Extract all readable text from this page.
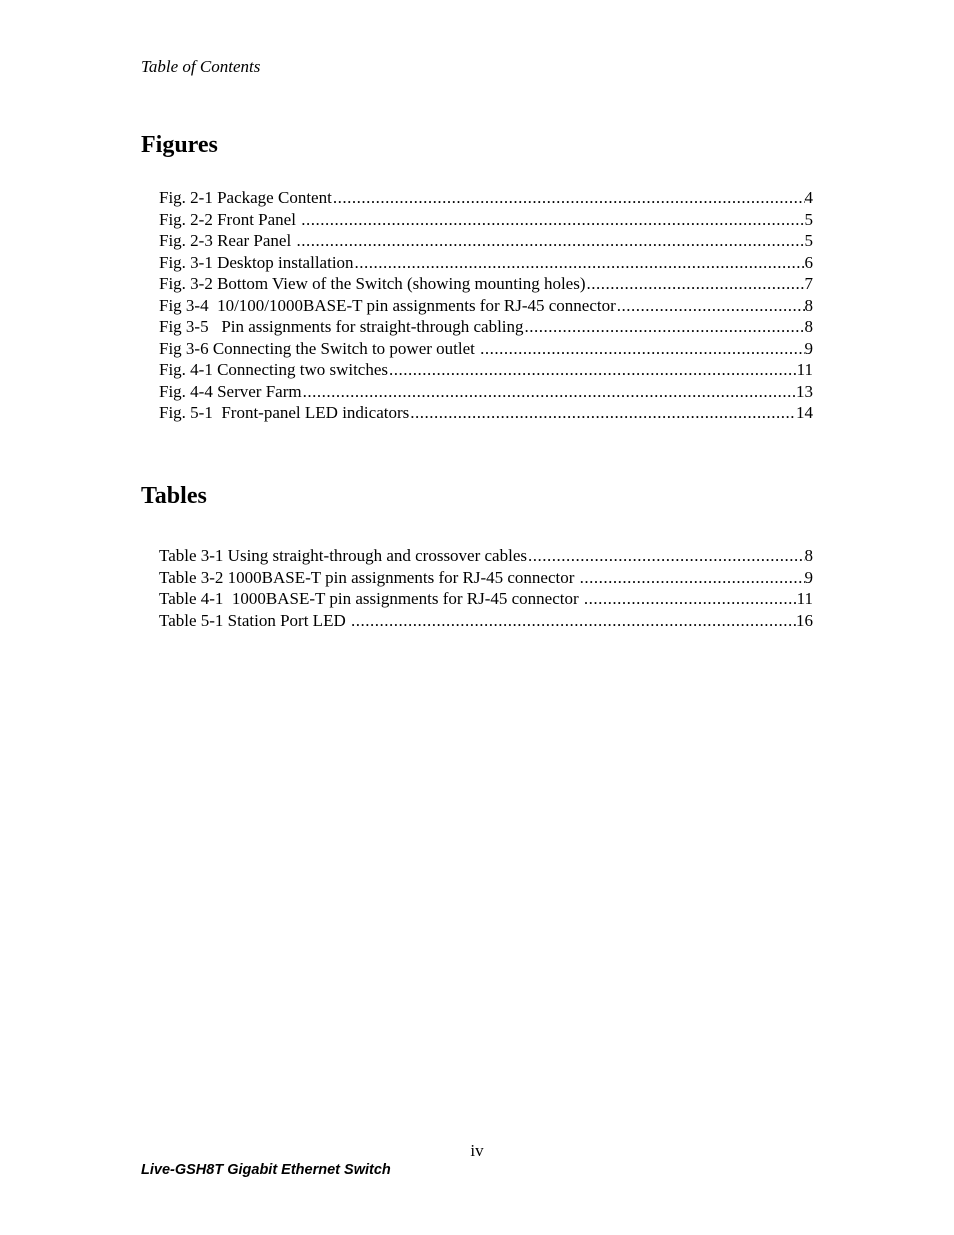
Table of Contents
Figures
Fig. 2-1 Package Content .....	4
Fig. 2-2 Front Panel .....	5
Fig. 2-3 Rear Panel .....	5
Fig. 3-1 Desktop installation .....	6
Fig. 3-2 Bottom View of the Switch (showing mounting holes) .....	7
Fig 3-4  10/100/1000BASE-T pin assignments for RJ-45 connector .....	8
Fig 3-5   Pin assignments for straight-through cabling .....	8
Fig 3-6 Connecting the Switch to power outlet .....	9
Fig. 4-1 Connecting two switches .....	11
Fig. 4-4 Server Farm .....	13
Fig. 5-1  Front-panel LED indicators .....	14
Tables
Table 3-1 Using straight-through and crossover cables .....	8
Table 3-2 1000BASE-T pin assignments for RJ-45 connector .....	9
Table 4-1  1000BASE-T pin assignments for RJ-45 connector .....	11
Table 5-1 Station Port LED .....	16
iv
Live-GSH8T Gigabit Ethernet Switch
